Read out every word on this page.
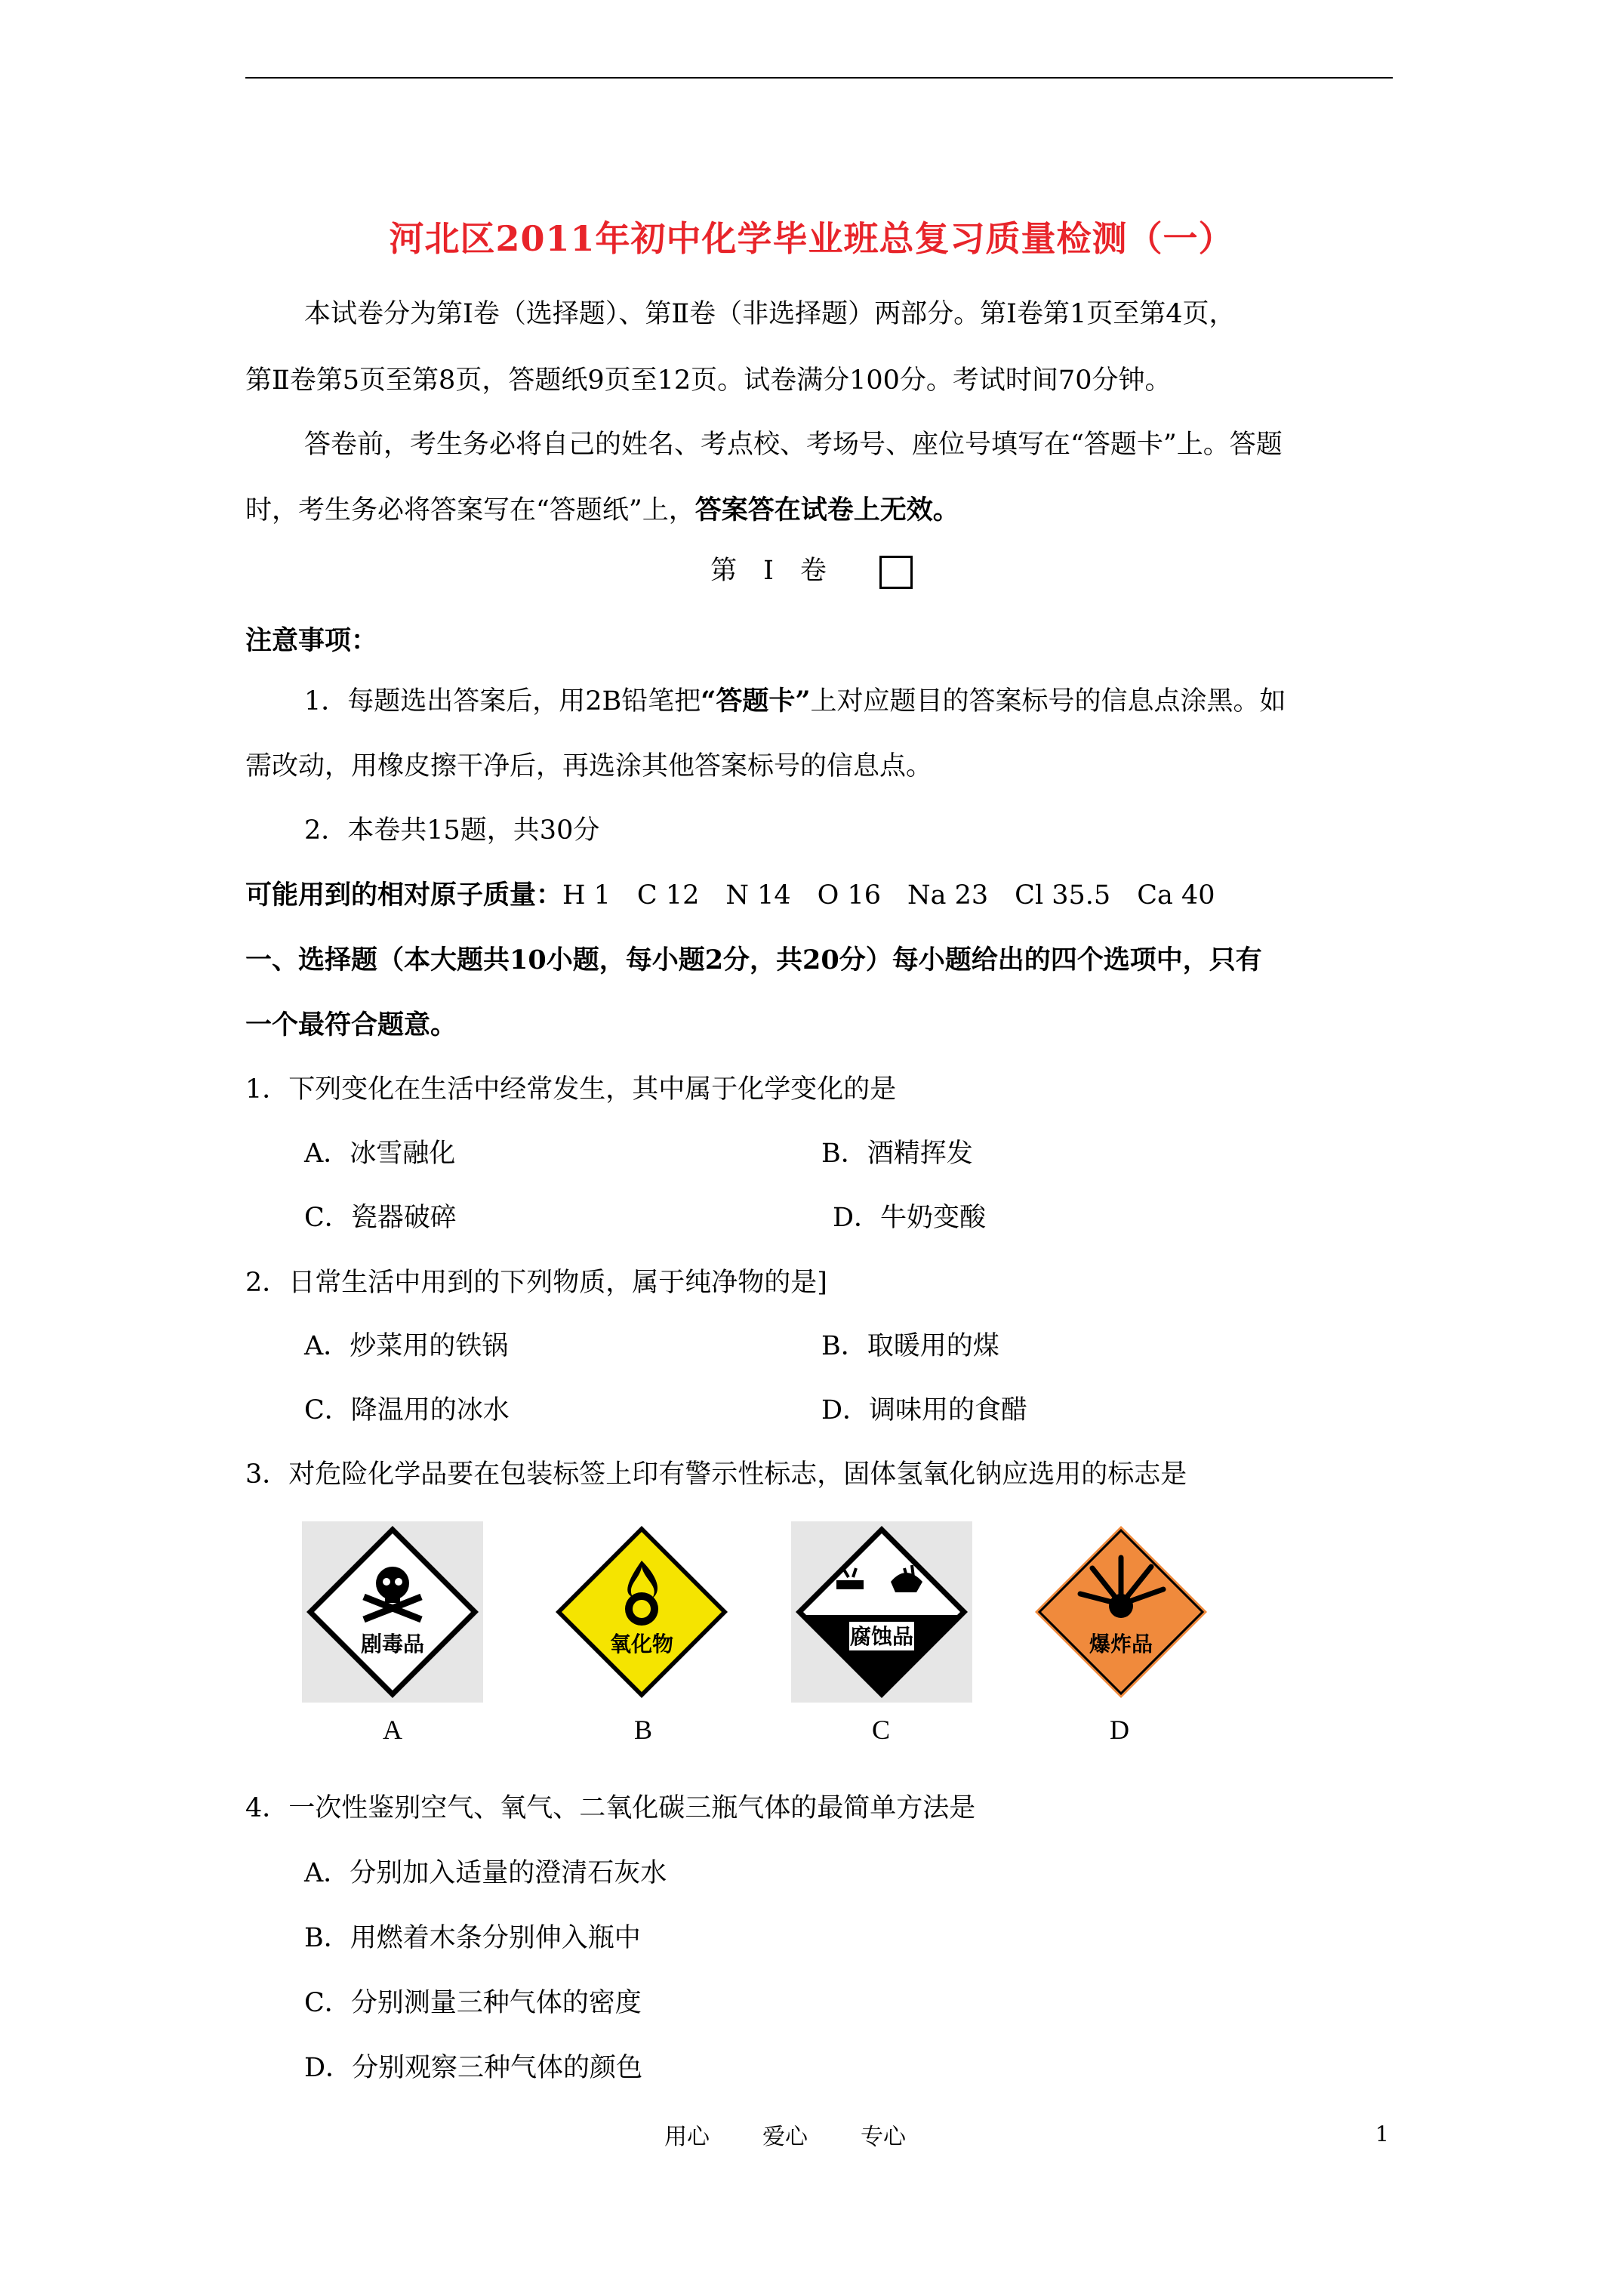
河北区2011年初中化学毕业班总复习质量检测（一）
本试卷分为第Ⅰ卷（选择题）、第Ⅱ卷（非选择题）两部分。第Ⅰ卷第1页至第4页，
第Ⅱ卷第5页至第8页，答题纸9页至12页。试卷满分100分。考试时间70分钟。
答卷前，考生务必将自己的姓名、考点校、考场号、座位号填写在“答题卡”上。答题
时，考生务必将答案写在“答题纸”上，答案答在试卷上无效。
第　Ⅰ　卷
注意事项：
1．每题选出答案后，用2B铅笔把“答题卡”上对应题目的答案标号的信息点涂黑。如
需改动，用橡皮擦干净后，再选涂其他答案标号的信息点。
2．本卷共15题，共30分
可能用到的相对原子质量：H 1　C 12　N 14　O 16　Na 23　Cl 35.5　Ca 40
一、选择题（本大题共10小题，每小题2分，共20分）每小题给出的四个选项中，只有
一个最符合题意。
1．下列变化在生活中经常发生，其中属于化学变化的是
A．冰雪融化	B．酒精挥发
C．瓷器破碎	D．牛奶变酸
2．日常生活中用到的下列物质，属于纯净物的是]
A．炒菜用的铁锅	B．取暖用的煤
C．降温用的冰水	D．调味用的食醋
3．对危险化学品要在包装标签上印有警示性标志，固体氢氧化钠应选用的标志是
剧毒品	氧化物	腐蚀品	爆炸品
A	B	C	D
4．一次性鉴别空气、氧气、二氧化碳三瓶气体的最简单方法是
A．分别加入适量的澄清石灰水
B．用燃着木条分别伸入瓶中
C．分别测量三种气体的密度
D．分别观察三种气体的颜色
用心 爱心 专心	1
